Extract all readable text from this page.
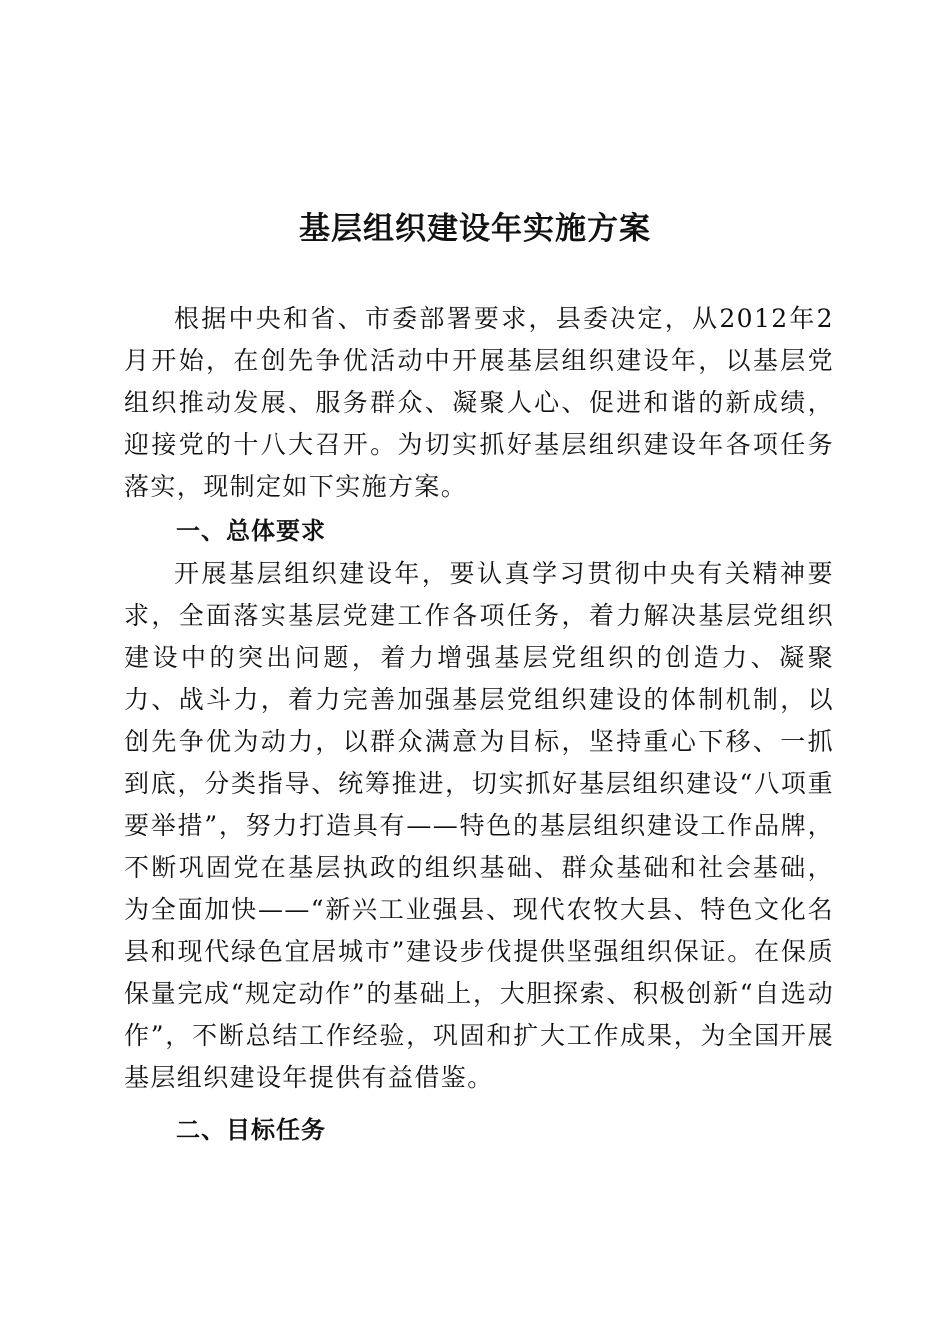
基层组织建设年实施方案

根据中央和省、市委部署要求，县委决定，从2012年2月开始，在创先争优活动中开展基层组织建设年，以基层党组织推动发展、服务群众、凝聚人心、促进和谐的新成绩，迎接党的十八大召开。为切实抓好基层组织建设年各项任务落实，现制定如下实施方案。

一、总体要求

开展基层组织建设年，要认真学习贯彻中央有关精神要求，全面落实基层党建工作各项任务，着力解决基层党组织建设中的突出问题，着力增强基层党组织的创造力、凝聚力、战斗力，着力完善加强基层党组织建设的体制机制，以创先争优为动力，以群众满意为目标，坚持重心下移、一抓到底，分类指导、统筹推进，切实抓好基层组织建设“八项重要举措”，努力打造具有——特色的基层组织建设工作品牌，不断巩固党在基层执政的组织基础、群众基础和社会基础，为全面加快——“新兴工业强县、现代农牧大县、特色文化名县和现代绿色宜居城市”建设步伐提供坚强组织保证。在保质保量完成“规定动作”的基础上，大胆探索、积极创新“自选动作”，不断总结工作经验，巩固和扩大工作成果，为全国开展基层组织建设年提供有益借鉴。

二、目标任务
